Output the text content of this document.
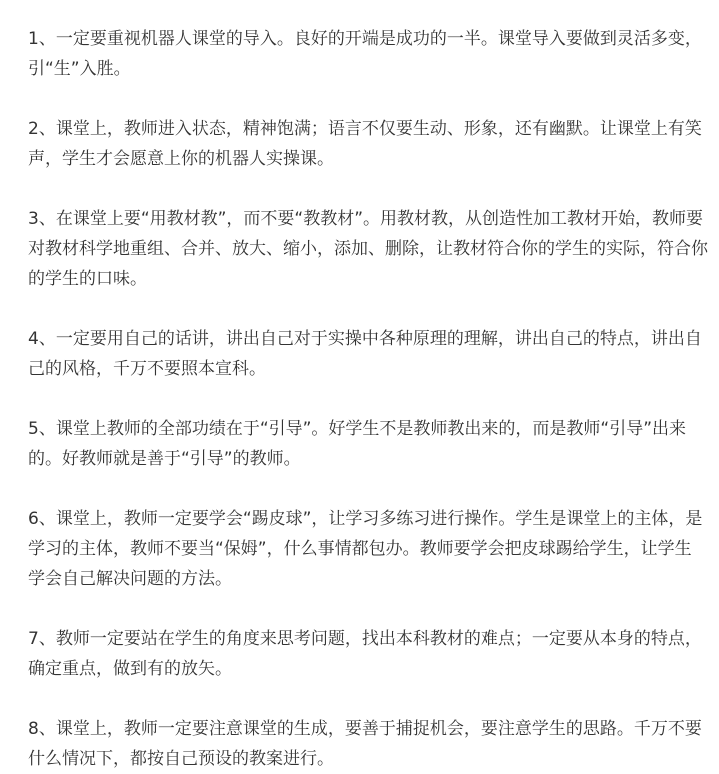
1、一定要重视机器人课堂的导入。良好的开端是成功的一半。课堂导入要做到灵活多变，引“生”入胜。

2、课堂上，教师进入状态，精神饱满；语言不仅要生动、形象，还有幽默。让课堂上有笑声，学生才会愿意上你的机器人实操课。

3、在课堂上要“用教材教”，而不要“教教材”。用教材教，从创造性加工教材开始，教师要对教材科学地重组、合并、放大、缩小，添加、删除，让教材符合你的学生的实际，符合你的学生的口味。

4、一定要用自己的话讲，讲出自己对于实操中各种原理的理解，讲出自己的特点，讲出自己的风格，千万不要照本宣科。

5、课堂上教师的全部功绩在于“引导”。好学生不是教师教出来的，而是教师“引导”出来的。好教师就是善于“引导”的教师。

6、课堂上，教师一定要学会“踢皮球”，让学习多练习进行操作。学生是课堂上的主体，是学习的主体，教师不要当“保姆”，什么事情都包办。教师要学会把皮球踢给学生，让学生学会自己解决问题的方法。

7、教师一定要站在学生的角度来思考问题，找出本科教材的难点；一定要从本身的特点，确定重点，做到有的放矢。

8、课堂上，教师一定要注意课堂的生成，要善于捕捉机会，要注意学生的思路。千万不要什么情况下，都按自己预设的教案进行。
